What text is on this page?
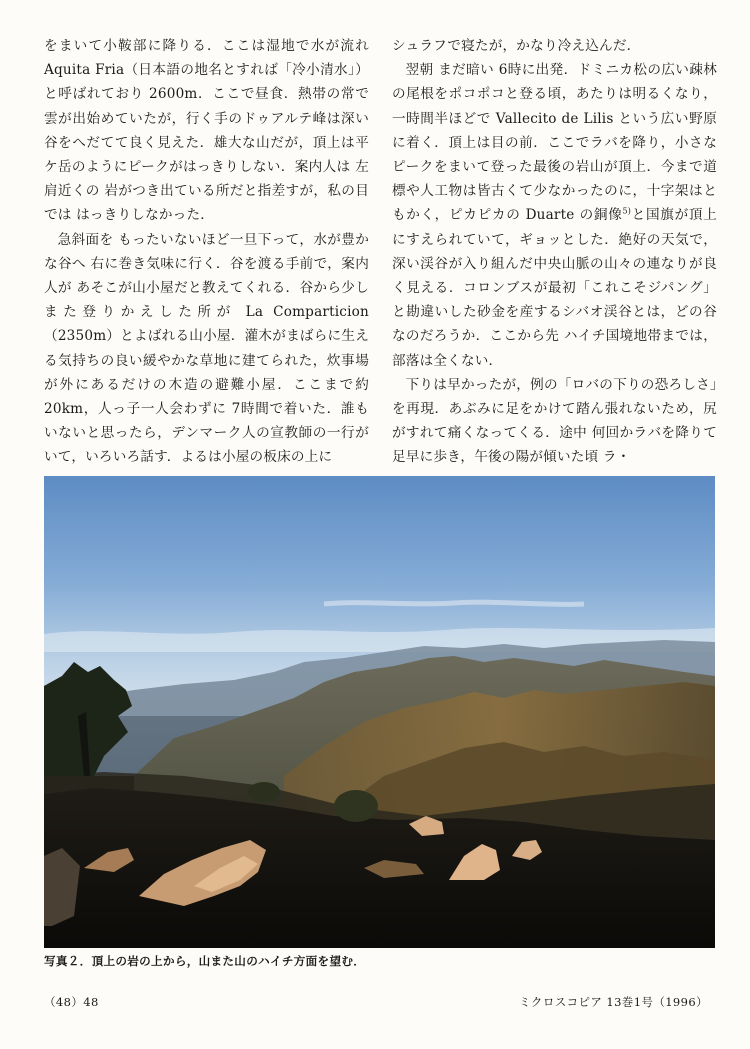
をまいて小鞍部に降りる．ここは湿地で水が流れAquita Fria（日本語の地名とすれば「冷小清水」）と呼ばれており 2600m．ここで昼食．熱帯の常で雲が出始めていたが，行く手のドゥアルテ峰は深い谷をへだてて良く見えた．雄大な山だが，頂上は平ケ岳のようにピークがはっきりしない．案内人は 左肩近くの 岩がつき出ている所だと指差すが，私の目では はっきりしなかった．

急斜面を もったいないほど一旦下って，水が豊かな谷へ 右に巻き気味に行く．谷を渡る手前で，案内人が あそこが山小屋だと教えてくれる．谷から少しまた登りかえした所が La Comparticion（2350m）とよばれる山小屋．灌木がまばらに生える気持ちの良い緩やかな草地に建てられた，炊事場が外にあるだけの木造の避難小屋．ここまで約 20km，人っ子一人会わずに 7時間で着いた．誰もいないと思ったら，デンマーク人の宣教師の一行がいて，いろいろ話す．よるは小屋の板床の上に

シュラフで寝たが，かなり冷え込んだ．

翌朝 まだ暗い 6時に出発．ドミニカ松の広い疎林の尾根をポコポコと登る頃，あたりは明るくなり，一時間半ほどで Vallecito de Lilis という広い野原に着く．頂上は目の前．ここでラバを降り，小さなピークをまいて登った最後の岩山が頂上．今まで道標や人工物は皆古くて少なかったのに，十字架はともかく，ピカピカの Duarte の銅像$^{5)}$と国旗が頂上にすえられていて，ギョッとした．絶好の天気で，深い渓谷が入り組んだ中央山脈の山々の連なりが良く見える．コロンブスが最初「これこそジパング」と勘違いした砂金を産するシバオ渓谷とは，どの谷なのだろうか．ここから先 ハイチ国境地帯までは，部落は全くない．

下りは早かったが，例の「ロバの下りの恐ろしさ」を再現．あぶみに足をかけて踏ん張れないため，尻がすれて痛くなってくる．途中 何回かラバを降りて足早に歩き，午後の陽が傾いた頃 ラ・

写真２．頂上の岩の上から，山また山のハイチ方面を望む．
（48）48	ミクロスコピア 13巻1号（1996）
